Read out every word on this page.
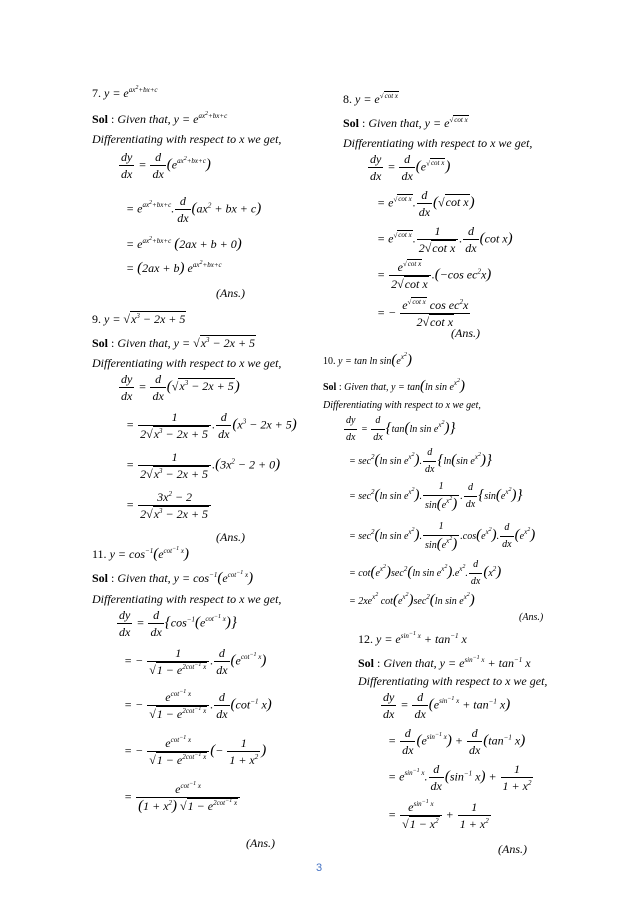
7. $y = e^{ax^2+bx+c}$
Sol : Given that, $y = e^{ax^2+bx+c}$
Differentiating with respect to x we get,
$\frac{dy}{dx} = \frac{d}{dx} (e^{ax^2+bx+c})$
= $e^{ax^2+bx+c}$. $\frac{d}{dx} (ax^2$ + bx + c)
= $e^{ax^2+bx+c}$ (2ax + b + 0)
= (2ax + b) $e^{ax^2+bx+c}$
(Ans.)
8. $y = e^{√cot x}$
Sol : Given that, $y = e^{√cot x}$
Differentiating with respect to x we get,
$\frac{dy}{dx} = \frac{d}{dx} (e^{√cot x})$
= $e^{√cot x}$. $\frac{d}{dx} (√\cot$ x)
= $e^{√cot x}$. $\frac{1}{\text{2√cot x}}$ . $\frac{d}{dx} (\cot$ x)
= $\frac{e^{√cot x}}{\text{2√cot x}} .(-\cos$ $ec^2x$)
= − $\frac{e^{√cot x} \cos ec^2x}{\text{2√cot x}}$
(Ans.)
9. $y = √x^3 - 2x + 5$
Sol : Given that, $y = √x^3 - 2x + 5$
Differentiating with respect to x we get,
$\frac{dy}{dx} = \frac{d}{dx} (√x^3 - 2x + 5)$
= $\frac{1}{2√x^3 - 2x + 5}$ . $\frac{d}{dx} (x^3 - 2x + 5)$
= $\frac{1}{2√x^3 - 2x + 5} .(3x^2 - 2 + 0)$
= $\frac{3x^2 - 2}{2√x^3 - 2x + 5}$
(Ans.)
10. $y = \tan \ln \sin(e^{x^2})$
Sol : Given that, y = tan(ln $\sin e^{x^2}$)
Differentiating with respect to x we get,
$\frac{dy}{dx} = \frac{d}{dx} \{\tan(\ln$ $\sin e^{x^2}$)}
= $\sec^2(\ln$ $\sin e^{x^2}$). $\frac{d}{dx} \{\ln(\sin$ $e^{x^2}$)}
= $\sec^2(\ln$ $\sin e^{x^2}$). $\frac{1}{\sin(e^{x^2})}$ . $\frac{d}{dx} \{\sin(e^{x^2})\}$
= $\sec^2(\ln$ $\sin e^{x^2}$). $\frac{1}{\sin(e^{x^2})} .\cos(e^{x^2})$. $\frac{d}{dx} (e^{x^2})$
= $\cot(e^{x^2})\sec^2(\ln$ $\sin e^{x^2}).e^{x^2}$. $\frac{d}{dx} (x^2)$
= $2xe^{x^2}$ $\cot(e^{x^2})\sec^2(\ln$ $\sin e^{x^2}$)
(Ans.)
11. $y = \cos^{-1}(e^{cot^{-1} x})$
Sol : Given that, $y = \cos^{-1}(e^{cot^{-1} x})$
Differentiating with respect to x we get,
$\frac{dy}{dx} = \frac{d}{dx} \{\cos^{-1}(e^{cot^{-1} x})\}$
= − $\frac{1}{√1 - e^{2cot^{-1} x}}$ . $\frac{d}{dx} (e^{cot^{-1} x})$
= − $\frac{e^{cot^{-1} x}}{√1 - e^{2cot^{-1} x}}$ . $\frac{d}{dx} (\cot^{-1}$ x)
= − $\frac{e^{cot^{-1} x}}{√1 - e^{2cot^{-1} x}}$ (− $\frac{1}{1 + x^2}$ )
= $\frac{e^{cot^{-1} x}}{(1 + x^2) √1 - e^{2cot^{-1} x}}$
(Ans.)
12. $y = e^{sin^{-1} x} + \tan^{-1} x$
Sol : Given that, $y = e^{sin^{-1} x} + \tan^{-1} x$
Differentiating with respect to x we get,
$\frac{dy}{dx} = \frac{d}{dx} (e^{sin^{-1} x} + \tan^{-1} x)$
= $\frac{d}{dx} (e^{sin^{-1} x}) + \frac{d}{dx} (\tan^{-1}$ x)
= $e^{sin^{-1} x}$. $\frac{d}{dx} (\sin^{-1}$ $x) + \frac{1}{1 + x^2}$
= $\frac{e^{sin^{-1} x}}{√1 - x^2} + \frac{1}{1 + x^2}$
(Ans.)
3
